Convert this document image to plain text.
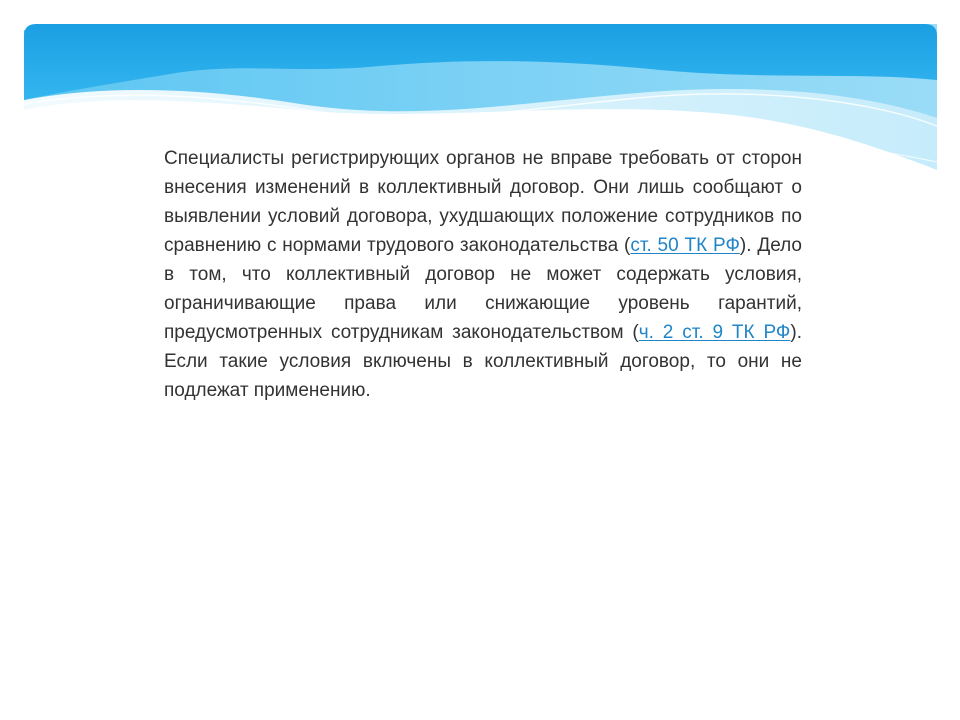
Специалисты регистрирующих органов не вправе требовать от сторон внесения изменений в коллективный договор. Они лишь сообщают о выявлении условий договора, ухудшающих положение сотрудников по сравнению с нормами трудового законодательства (ст. 50 ТК РФ). Дело в том, что коллективный договор не может содержать условия, ограничивающие права или снижающие уровень гарантий, предусмотренных сотрудникам законодательством (ч. 2 ст. 9 ТК РФ). Если такие условия включены в коллективный договор, то они не подлежат применению.
